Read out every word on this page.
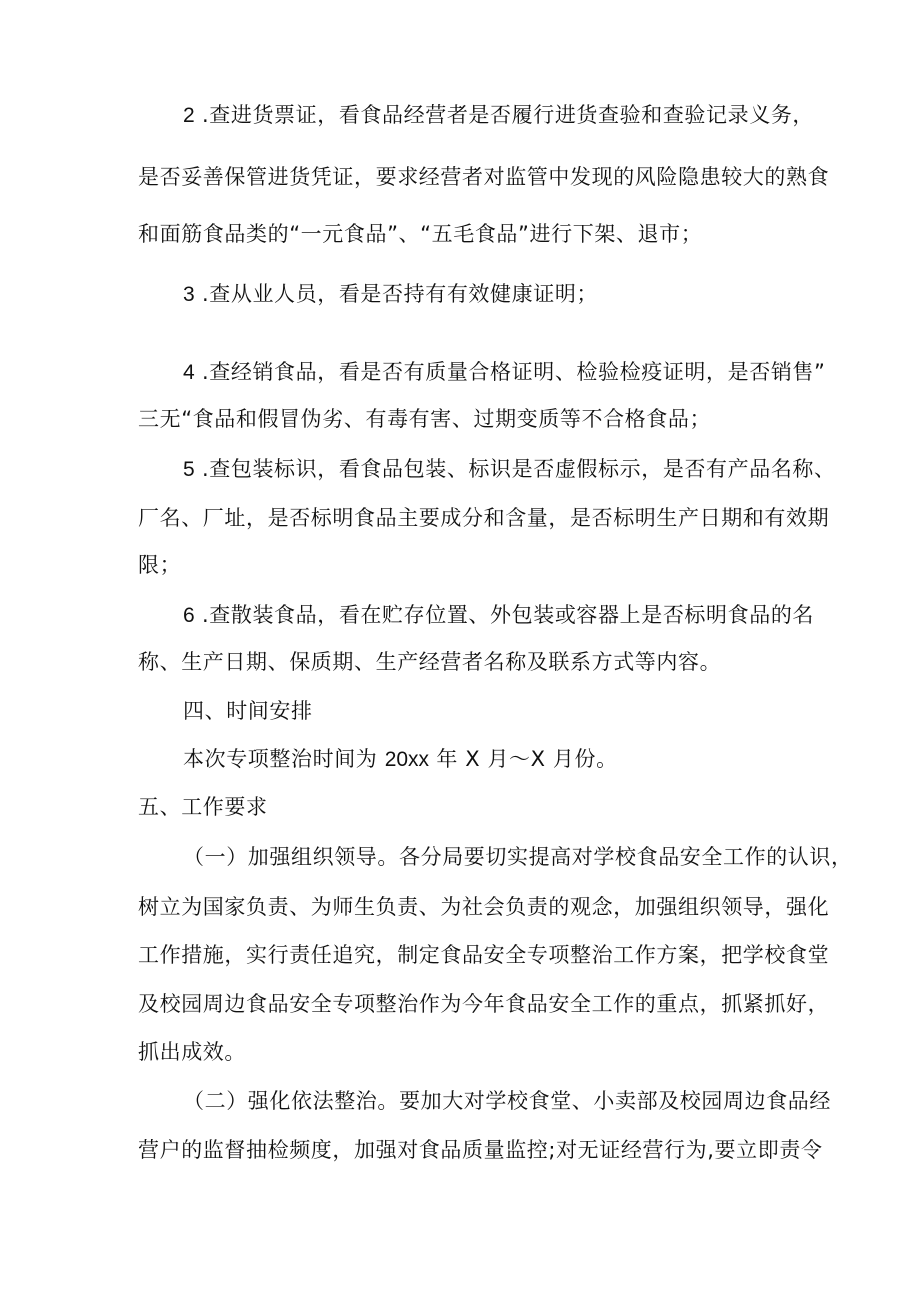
2 .查进货票证，看食品经营者是否履行进货查验和查验记录义务，
是否妥善保管进货凭证，要求经营者对监管中发现的风险隐患较大的熟食
和面筋食品类的“一元食品”、“五毛食品”进行下架、退市；
3 .查从业人员，看是否持有有效健康证明；
4 .查经销食品，看是否有质量合格证明、检验检疫证明，是否销售”
三无“食品和假冒伪劣、有毒有害、过期变质等不合格食品；
5 .查包装标识，看食品包装、标识是否虚假标示，是否有产品名称、
厂名、厂址，是否标明食品主要成分和含量，是否标明生产日期和有效期
限；
6 .查散装食品，看在贮存位置、外包装或容器上是否标明食品的名
称、生产日期、保质期、生产经营者名称及联系方式等内容。
四、时间安排
本次专项整治时间为 20xx 年 X 月～X 月份。
五、工作要求
（一）加强组织领导。各分局要切实提高对学校食品安全工作的认识，
树立为国家负责、为师生负责、为社会负责的观念，加强组织领导，强化
工作措施，实行责任追究，制定食品安全专项整治工作方案，把学校食堂
及校园周边食品安全专项整治作为今年食品安全工作的重点，抓紧抓好，
抓出成效。
（二）强化依法整治。要加大对学校食堂、小卖部及校园周边食品经
营户的监督抽检频度，加强对食品质量监控;对无证经营行为,要立即责令
